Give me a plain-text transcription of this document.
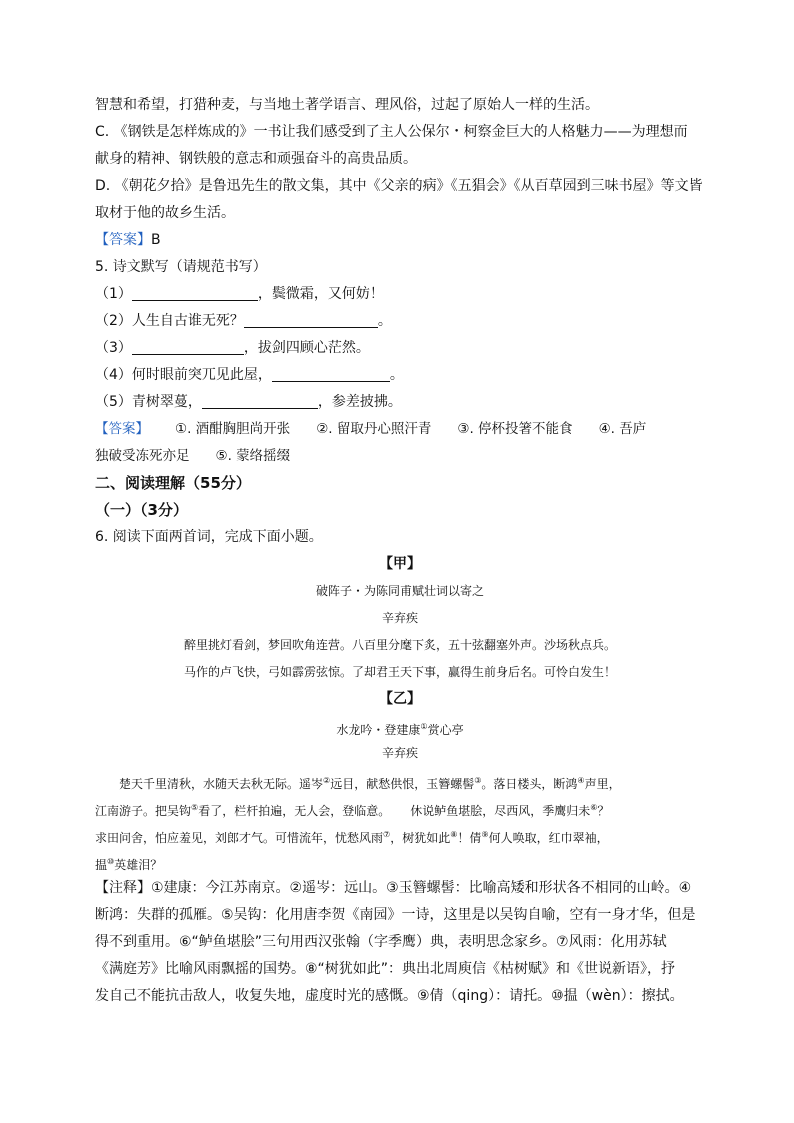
智慧和希望，打猎种麦，与当地土著学语言、理风俗，过起了原始人一样的生活。
C. 《钢铁是怎样炼成的》一书让我们感受到了主人公保尔・柯察金巨大的人格魅力——为理想而
献身的精神、钢铁般的意志和顽强奋斗的高贵品质。
D. 《朝花夕拾》是鲁迅先生的散文集，其中《父亲的病》《五猖会》《从百草园到三味书屋》等文皆
取材于他的故乡生活。
【答案】B
5. 诗文默写（请规范书写）
（1）	，鬓微霜，又何妨！
（2）人生自古谁无死？	。
（3）	，拔剑四顾心茫然。
（4）何时眼前突兀见此屋，	。
（5）青树翠蔓，	，参差披拂。
【答案】 ①. 酒酣胸胆尚开张 ②. 留取丹心照汗青 ③. 停杯投箸不能食 ④. 吾庐
独破受冻死亦足 ⑤. 蒙络摇缀
二、阅读理解（55分）
（一）（3分）
6. 阅读下面两首词，完成下面小题。
【甲】
破阵子・为陈同甫赋壮词以寄之
辛弃疾
醉里挑灯看剑，梦回吹角连营。八百里分麾下炙，五十弦翻塞外声。沙场秋点兵。
马作的卢飞快，弓如霹雳弦惊。了却君王天下事，赢得生前身后名。可怜白发生！
【乙】
水龙吟・登建康①赏心亭
辛弃疾
楚天千里清秋，水随天去秋无际。遥岑②远目，献愁供恨，玉簪螺髻③。落日楼头，断鸿④声里，
江南游子。把吴钩⑤看了，栏杆拍遍，无人会，登临意。 休说鲈鱼堪脍，尽西风，季鹰归未⑥？
求田问舍，怕应羞见，刘郎才气。可惜流年，忧愁风雨⑦，树犹如此⑧！倩⑨何人唤取，红巾翠袖，
揾⑩英雄泪？
【注释】①建康：今江苏南京。②遥岑：远山。③玉簪螺髻：比喻高矮和形状各不相同的山岭。④
断鸿：失群的孤雁。⑤吴钩：化用唐李贺《南园》一诗，这里是以吴钩自喻，空有一身才华，但是
得不到重用。⑥“鲈鱼堪脍”三句用西汉张翰（字季鹰）典，表明思念家乡。⑦风雨：化用苏轼
《满庭芳》比喻风雨飘摇的国势。⑧“树犹如此”：典出北周庾信《枯树赋》和《世说新语》，抒
发自己不能抗击敌人，收复失地，虚度时光的感慨。⑨倩（qing）：请托。⑩揾（wèn）：擦拭。
